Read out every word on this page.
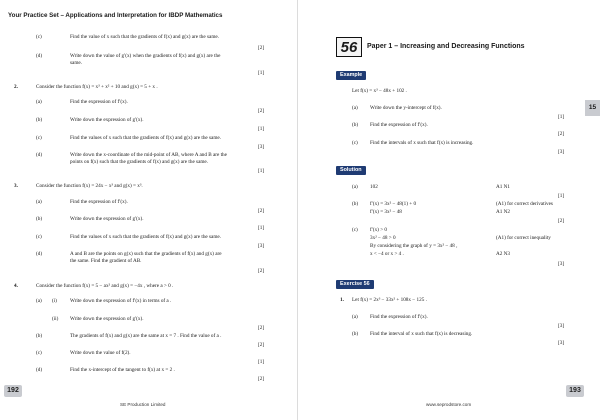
Your Practice Set – Applications and Interpretation for IBDP Mathematics
(c)	Find the value of x such that the gradients of f(x) and g(x) are the same.
[2]
(d)	Write down the value of g′(x) when the gradients of f(x) and g(x) are the
same.
[1]
2.	Consider the function f(x) = x³ + x² + 10 and g(x) = 5 + x .
(a)	Find the expression of f′(x).
[2]
(b)	Write down the expression of g′(x).
[1]
(c)	Find the values of x such that the gradients of f(x) and g(x) are the same.
[3]
(d)	Write down the x-coordinate of the mid-point of AB, where A and B are the
points on f(x) such that the gradients of f(x) and g(x) are the same.
[1]
3.	Consider the function f(x) = 24x − x³ and g(x) = x³.
(a)	Find the expression of f′(x).
[2]
(b)	Write down the expression of g′(x).
[1]
(c)	Find the values of x such that the gradients of f(x) and g(x) are the same.
[3]
(d)	A and B are the points on g(x) such that the gradients of f(x) and g(x) are
the same. Find the gradient of AB.
[2]
4.	Consider the function f(x) = 5 − ax² and g(x) = −4x , where a > 0 .
(a) (i)	Write down the expression of f′(x) in terms of a .
(ii) Write down the expression of g′(x).
[2]
(b)	The gradients of f(x) and g(x) are the same at x = 7 . Find the value of a .
[2]
(c)	Write down the value of f(2).
[1]
(d)	Find the x-intercept of the tangent to f(x) at x = 2 .
[2]
192
SE Production Limited
56	Paper 1 – Increasing and Decreasing Functions
Example
Let f(x) = x³ − 48x + 102 .
(a) Write down the y-intercept of f(x).
[1]
(b) Find the expression of f′(x).
[2]
(c) Find the intervals of x such that f(x) is increasing.
[3]
Solution
(a) 102	A1 N1
[1]
(b) f′(x) = 3x² − 48(1) + 0	(A1) for correct derivatives
f′(x) = 3x² − 48	A1 N2
[2]
(c) f′(x) > 0
3x² − 48 > 0	(A1) for correct inequality
By considering the graph of y = 3x² − 48 ,
x < −4 or x > 4 .	A2 N3
[3]
Exercise 56
1. Let f(x) = 2x³ − 33x² + 108x − 125 .
(a) Find the expression of f′(x).
[3]
(b) Find the interval of x such that f(x) is decreasing.
[3]
193
www.seprodstore.com
15
